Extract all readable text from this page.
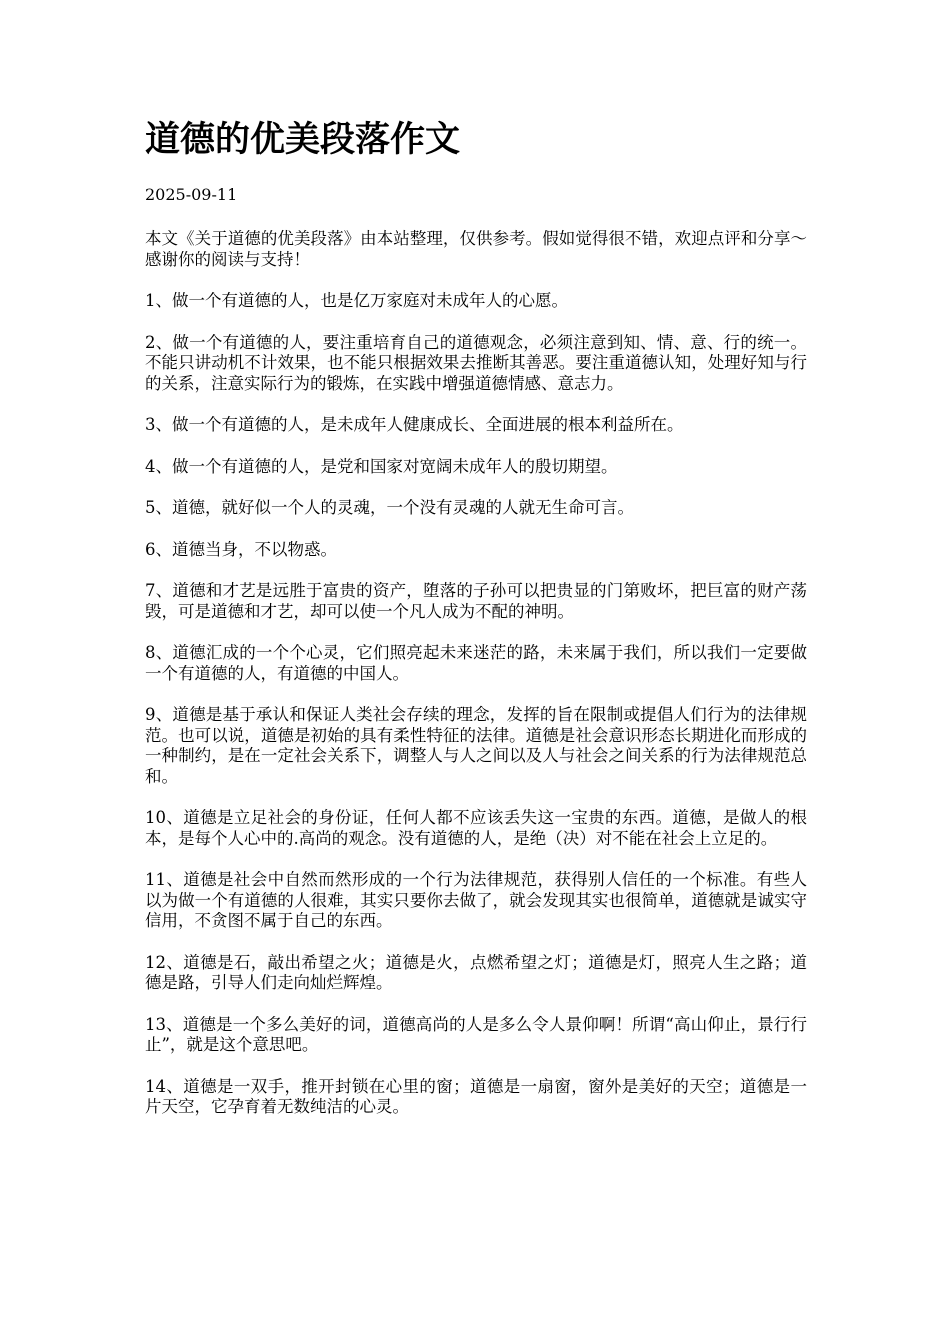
道德的优美段落作文
2025-09-11
本文《关于道德的优美段落》由本站整理，仅供参考。假如觉得很不错，欢迎点评和分享～感谢你的阅读与支持！
1、做一个有道德的人，也是亿万家庭对未成年人的心愿。
2、做一个有道德的人，要注重培育自己的道德观念，必须注意到知、情、意、行的统一。不能只讲动机不计效果，也不能只根据效果去推断其善恶。要注重道德认知，处理好知与行的关系，注意实际行为的锻炼，在实践中增强道德情感、意志力。
3、做一个有道德的人，是未成年人健康成长、全面进展的根本利益所在。
4、做一个有道德的人，是党和国家对宽阔未成年人的殷切期望。
5、道德，就好似一个人的灵魂，一个没有灵魂的人就无生命可言。
6、道德当身，不以物惑。
7、道德和才艺是远胜于富贵的资产，堕落的子孙可以把贵显的门第败坏，把巨富的财产荡毁，可是道德和才艺，却可以使一个凡人成为不配的神明。
8、道德汇成的一个个心灵，它们照亮起未来迷茫的路，未来属于我们，所以我们一定要做一个有道德的人，有道德的中国人。
9、道德是基于承认和保证人类社会存续的理念，发挥的旨在限制或提倡人们行为的法律规范。也可以说，道德是初始的具有柔性特征的法律。道德是社会意识形态长期进化而形成的一种制约，是在一定社会关系下，调整人与人之间以及人与社会之间关系的行为法律规范总和。
10、道德是立足社会的身份证，任何人都不应该丢失这一宝贵的东西。道德，是做人的根本，是每个人心中的.高尚的观念。没有道德的人，是绝（决）对不能在社会上立足的。
11、道德是社会中自然而然形成的一个行为法律规范，获得别人信任的一个标准。有些人以为做一个有道德的人很难，其实只要你去做了，就会发现其实也很简单，道德就是诚实守信用，不贪图不属于自己的东西。
12、道德是石，敲出希望之火；道德是火，点燃希望之灯；道德是灯，照亮人生之路；道德是路，引导人们走向灿烂辉煌。
13、道德是一个多么美好的词，道德高尚的人是多么令人景仰啊！所谓“高山仰止，景行行止”，就是这个意思吧。
14、道德是一双手，推开封锁在心里的窗；道德是一扇窗，窗外是美好的天空；道德是一片天空，它孕育着无数纯洁的心灵。
